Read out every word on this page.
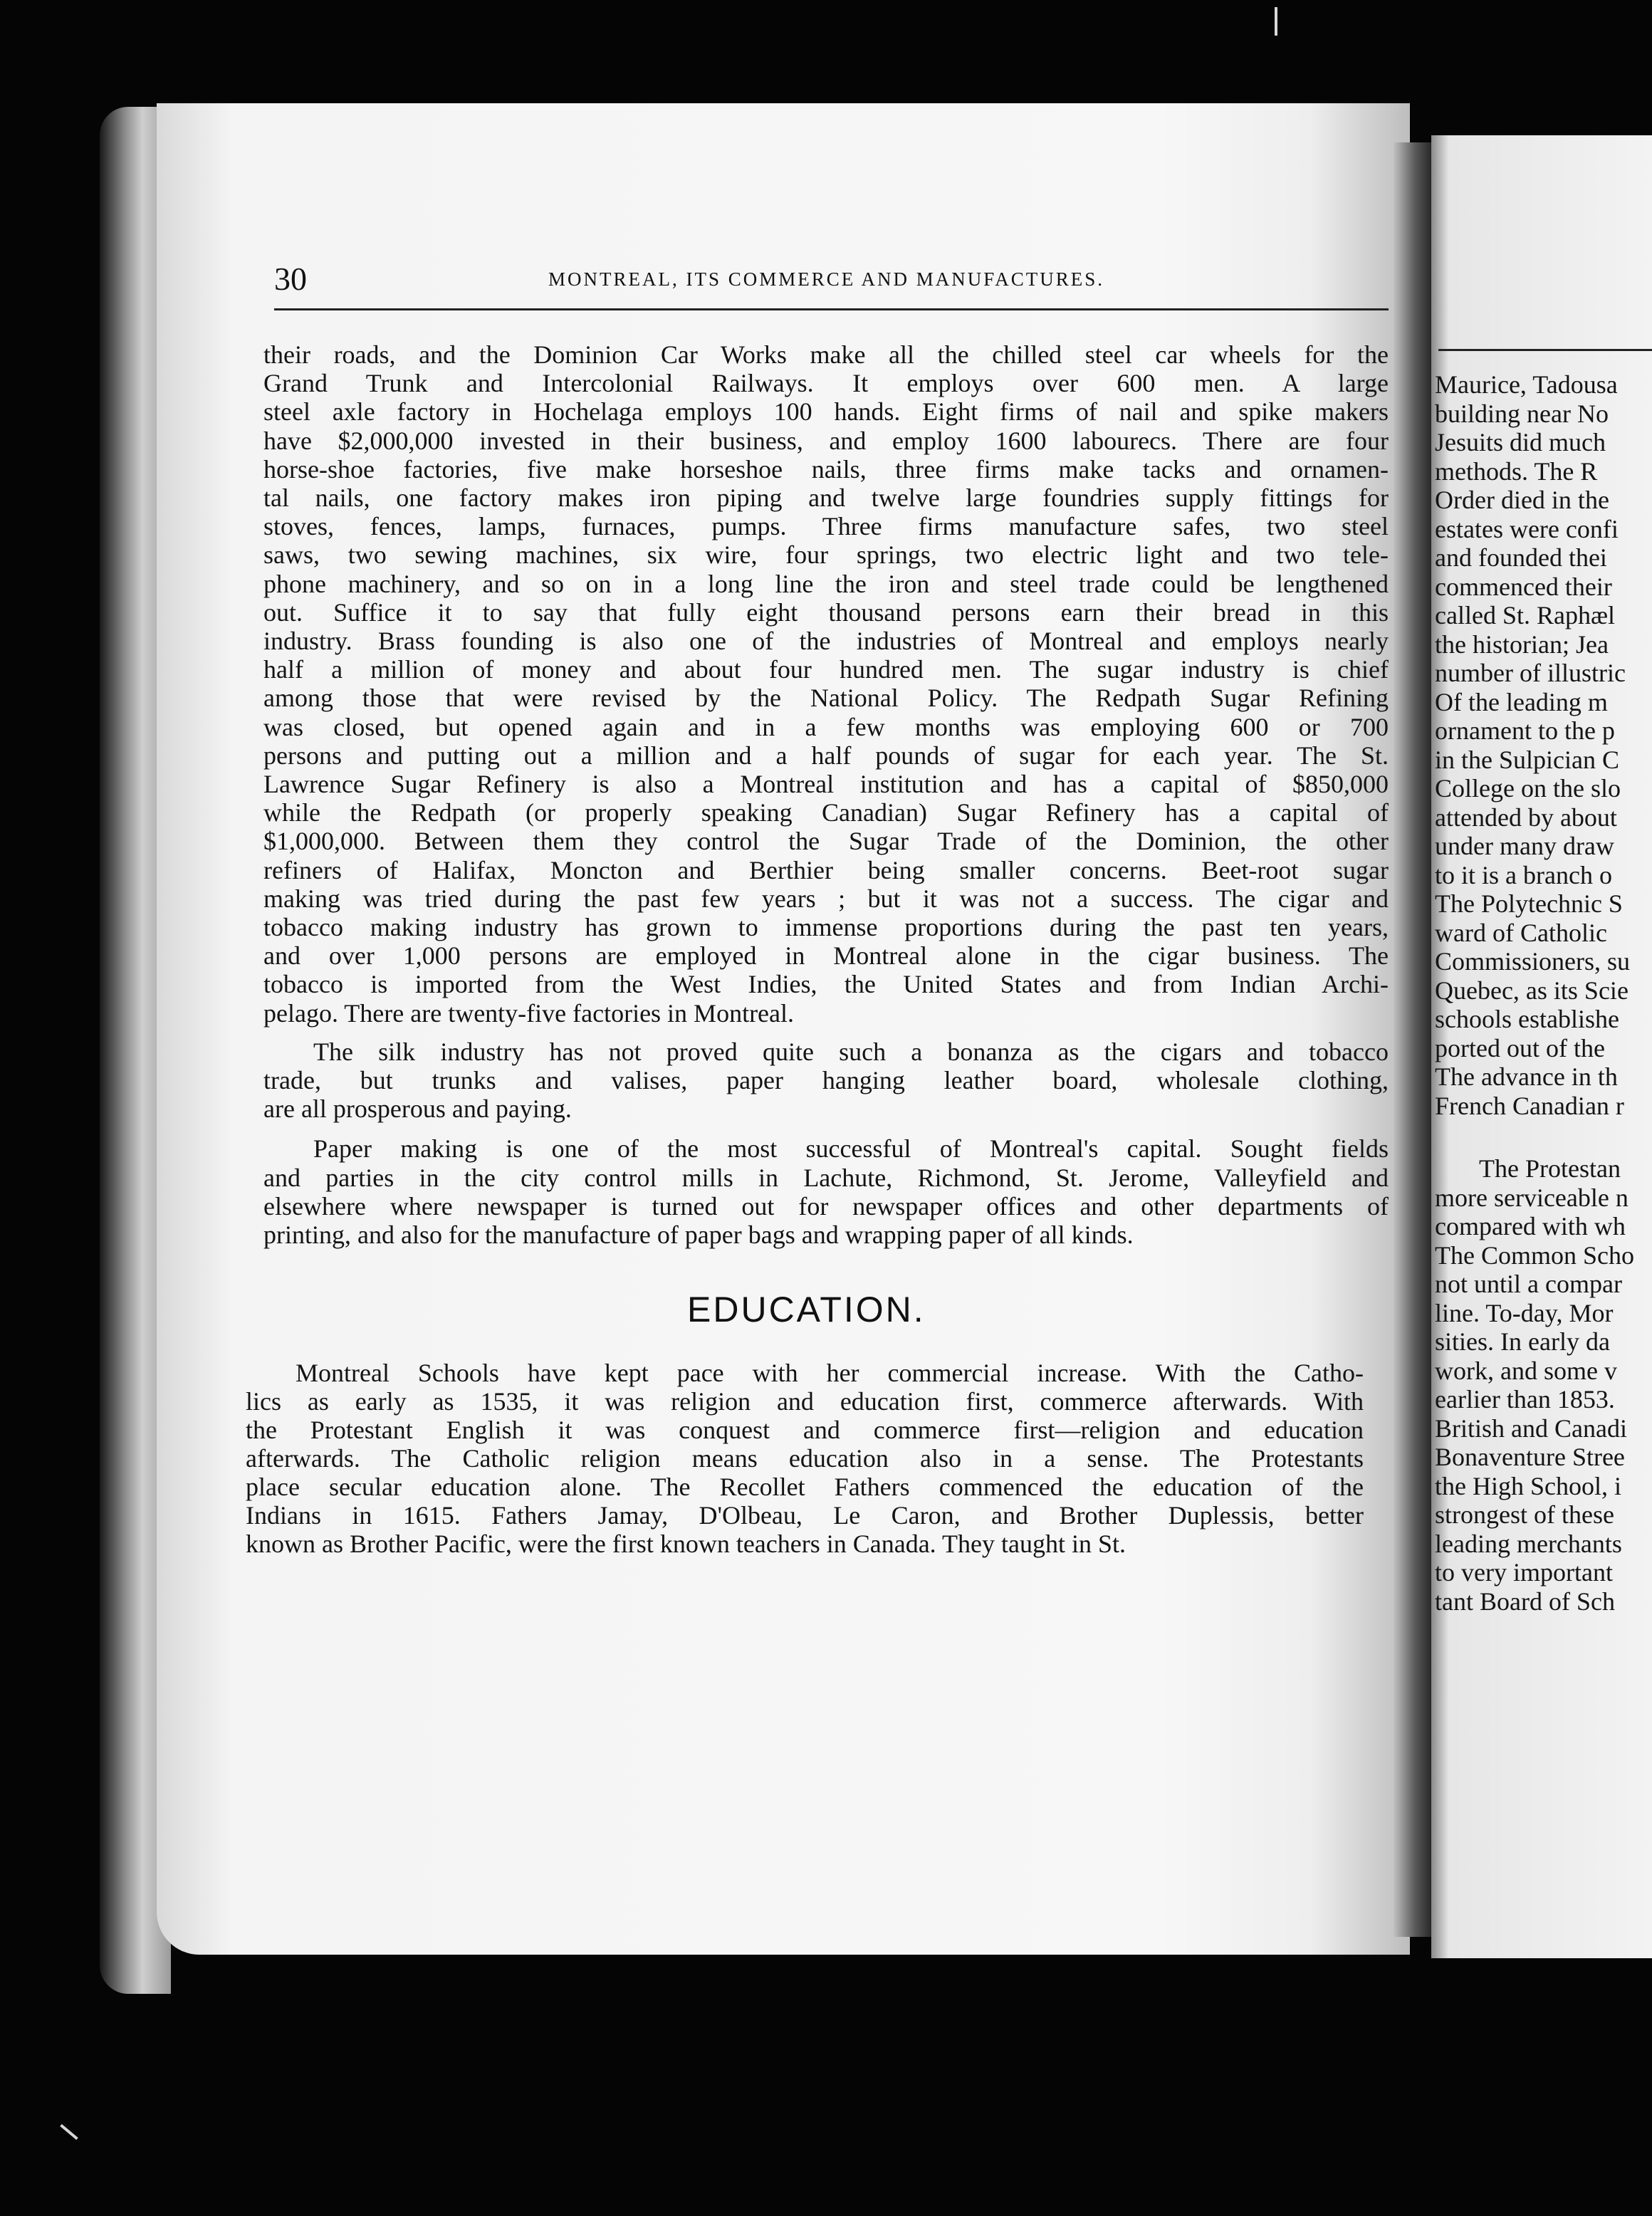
30	MONTREAL, ITS COMMERCE AND MANUFACTURES.

their roads, and the Dominion Car Works make all the chilled steel car wheels for the
Grand Trunk and Intercolonial Railways. It employs over 600 men. A large
steel axle factory in Hochelaga employs 100 hands. Eight firms of nail and spike makers
have $2,000,000 invested in their business, and employ 1600 labourecs. There are four
horse-shoe factories, five make horseshoe nails, three firms make tacks and ornamen-
tal nails, one factory makes iron piping and twelve large foundries supply fittings for
stoves, fences, lamps, furnaces, pumps. Three firms manufacture safes, two steel
saws, two sewing machines, six wire, four springs, two electric light and two tele-
phone machinery, and so on in a long line the iron and steel trade could be lengthened
out. Suffice it to say that fully eight thousand persons earn their bread in this
industry. Brass founding is also one of the industries of Montreal and employs nearly
half a million of money and about four hundred men. The sugar industry is chief
among those that were revised by the National Policy. The Redpath Sugar Refining
was closed, but opened again and in a few months was employing 600 or 700
persons and putting out a million and a half pounds of sugar for each year. The St.
Lawrence Sugar Refinery is also a Montreal institution and has a capital of $850,000
while the Redpath (or properly speaking Canadian) Sugar Refinery has a capital of
$1,000,000. Between them they control the Sugar Trade of the Dominion, the other
refiners of Halifax, Moncton and Berthier being smaller concerns. Beet-root sugar
making was tried during the past few years ; but it was not a success. The cigar and
tobacco making industry has grown to immense proportions during the past ten years,
and over 1,000 persons are employed in Montreal alone in the cigar business. The
tobacco is imported from the West Indies, the United States and from Indian Archi-
pelago. There are twenty-five factories in Montreal.

The silk industry has not proved quite such a bonanza as the cigars and tobacco
trade, but trunks and valises, paper hanging leather board, wholesale clothing,
are all prosperous and paying.

Paper making is one of the most successful of Montreal's capital. Sought fields
and parties in the city control mills in Lachute, Richmond, St. Jerome, Valleyfield and
elsewhere where newspaper is turned out for newspaper offices and other departments of
printing, and also for the manufacture of paper bags and wrapping paper of all kinds.

EDUCATION.

Montreal Schools have kept pace with her commercial increase. With the Catho-
lics as early as 1535, it was religion and education first, commerce afterwards. With
the Protestant English it was conquest and commerce first—religion and education
afterwards. The Catholic religion means education also in a sense. The Protestants
place secular education alone. The Recollet Fathers commenced the education of the
Indians in 1615. Fathers Jamay, D'Olbeau, Le Caron, and Brother Duplessis, better
known as Brother Pacific, were the first known teachers in Canada. They taught in St.

Maurice, Tadousa
building near No
Jesuits did much
methods. The R
Order died in the
estates were confi
and founded thei
commenced their
called St. Raphæl
the historian; Jea
number of illustric
Of the leading m
ornament to the p
in the Sulpician C
College on the slo
attended by about
under many draw
to it is a branch o
The Polytechnic S
ward of Catholic
Commissioners, su
Quebec, as its Scie
schools establishe
ported out of the
The advance in th
French Canadian r
The Protestan
more serviceable n
compared with wh
The Common Scho
not until a compar
line. To-day, Mor
sities. In early da
work, and some v
earlier than 1853.
British and Canadi
Bonaventure Stree
the High School, i
strongest of these
leading merchants
to very important
tant Board of Sch
